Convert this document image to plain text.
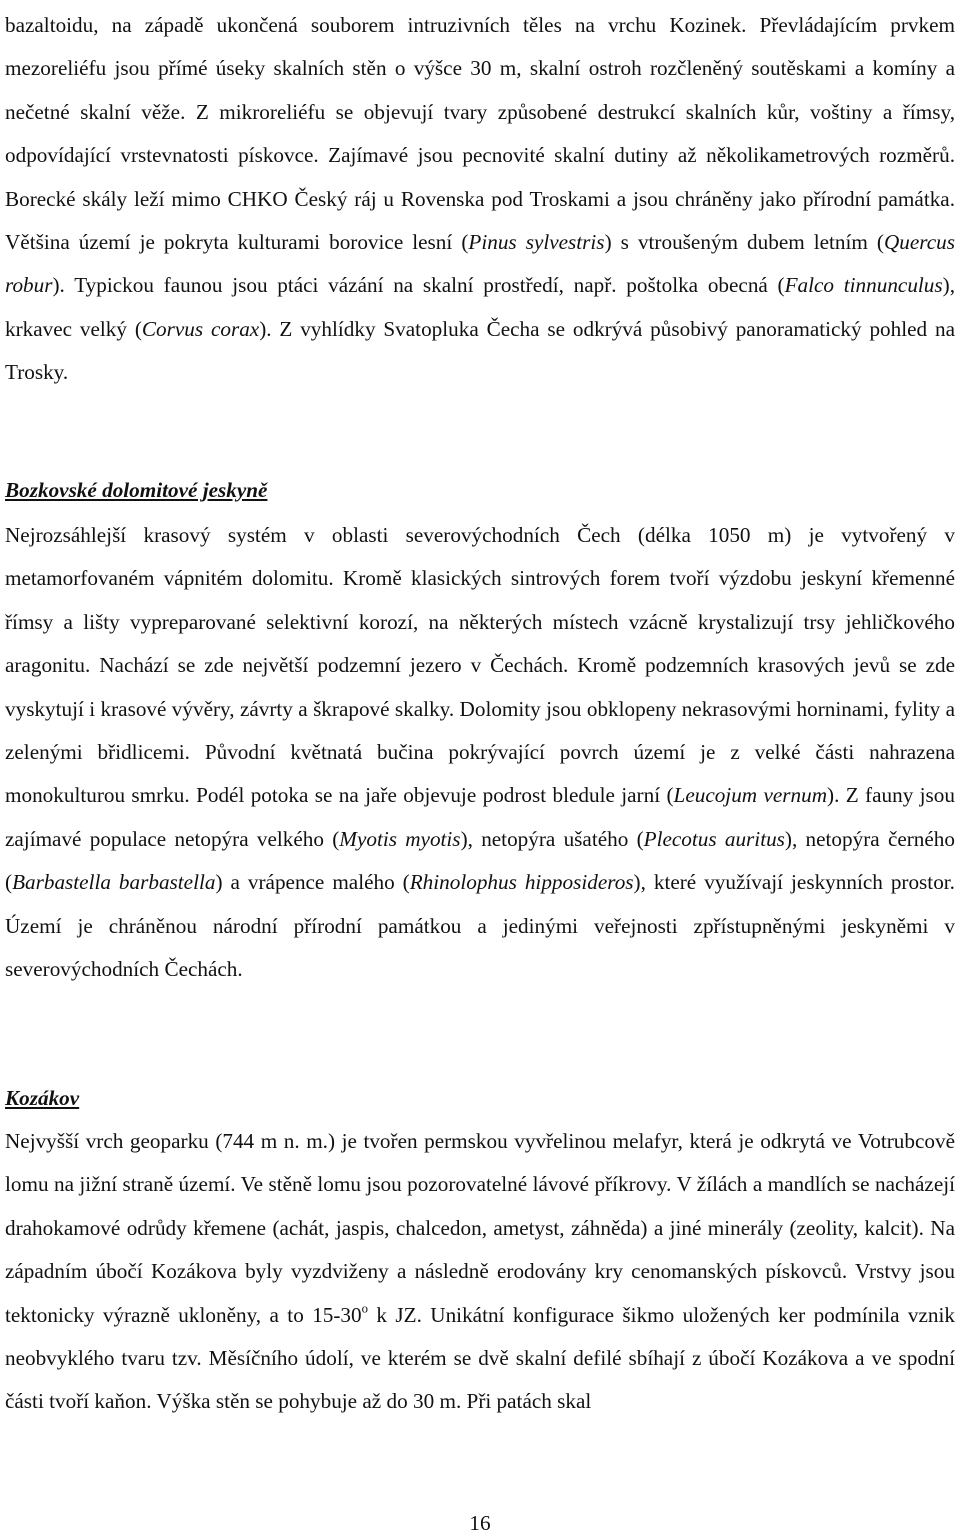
bazaltoidu, na západě ukončená souborem intruzivních těles na vrchu Kozinek. Převládajícím prvkem mezoreliéfu jsou přímé úseky skalních stěn o výšce 30 m, skalní ostroh rozčleněný soutěskami a komíny a nečetné skalní věže. Z mikroreliéfu se objevují tvary způsobené destrukcí skalních kůr, voštiny a římsy, odpovídající vrstevnatosti pískovce. Zajímavé jsou pecnovité skalní dutiny až několikametrových rozměrů. Borecké skály leží mimo CHKO Český ráj u Rovenska pod Troskami a jsou chráněny jako přírodní památka. Většina území je pokryta kulturami borovice lesní (Pinus sylvestris) s vtroušeným dubem letním (Quercus robur). Typickou faunou jsou ptáci vázání na skalní prostředí, např. poštolka obecná (Falco tinnunculus), krkavec velký (Corvus corax). Z vyhlídky Svatopluka Čecha se odkrývá působivý panoramatický pohled na Trosky.

Bozkovské dolomitové jeskyně

Nejrozsáhlejší krasový systém v oblasti severovýchodních Čech (délka 1050 m) je vytvořený v metamorfovaném vápnitém dolomitu. Kromě klasických sintrových forem tvoří výzdobu jeskyní křemenné římsy a lišty vypreparované selektivní korozí, na některých místech vzácně krystalizují trsy jehličkového aragonitu. Nachází se zde největší podzemní jezero v Čechách. Kromě podzemních krasových jevů se zde vyskytují i krasové vývěry, závrty a škrapové skalky. Dolomity jsou obklopeny nekrasovými horninami, fylity a zelenými břidlicemi. Původní květnatá bučina pokrývající povrch území je z velké části nahrazena monokulturou smrku. Podél potoka se na jaře objevuje podrost bledule jarní (Leucojum vernum). Z fauny jsou zajímavé populace netopýra velkého (Myotis myotis), netopýra ušatého (Plecotus auritus), netopýra černého (Barbastella barbastella) a vrápence malého (Rhinolophus hipposideros), které využívají jeskynních prostor. Území je chráněnou národní přírodní památkou a jedinými veřejnosti zpřístupněnými jeskyněmi v severovýchodních Čechách.

Kozákov

Nejvyšší vrch geoparku (744 m n. m.) je tvořen permskou vyvřelinou melafyr, která je odkrytá ve Votrubcově lomu na jižní straně území. Ve stěně lomu jsou pozorovatelné lávové příkrovy. V žílách a mandlích se nacházejí drahokamové odrůdy křemene (achát, jaspis, chalcedon, ametyst, záhněda) a jiné minerály (zeolity, kalcit). Na západním úbočí Kozákova byly vyzdviženy a následně erodovány kry cenomanských pískovců. Vrstvy jsou tektonicky výrazně ukloněny, a to 15-30$^o$ k JZ. Unikátní konfigurace šikmo uložených ker podmínila vznik neobvyklého tvaru tzv. Měsíčního údolí, ve kterém se dvě skalní defilé sbíhají z úbočí Kozákova a ve spodní části tvoří kaňon. Výška stěn se pohybuje až do 30 m. Při patách skal

16
